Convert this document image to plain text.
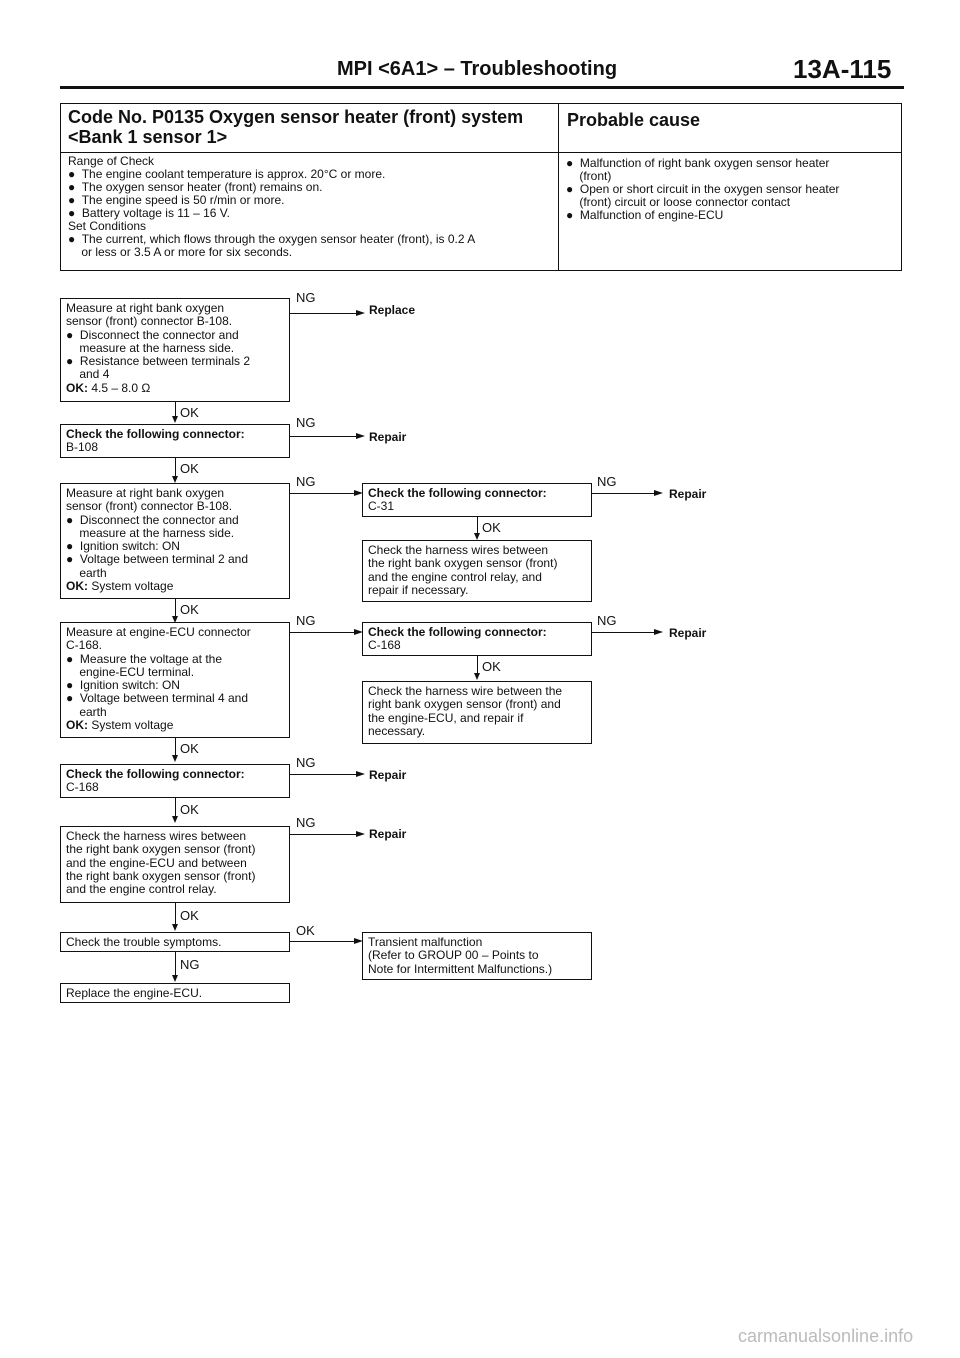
MPI <6A1> – Troubleshooting	13A-115
Code No. P0135 Oxygen sensor heater (front) system
<Bank 1 sensor 1>
Probable cause
Range of Check
●  The engine coolant temperature is approx. 20°C or more.
●  The oxygen sensor heater (front) remains on.
●  The engine speed is 50 r/min or more.
●  Battery voltage is 11 – 16 V.
Set Conditions
●  The current, which flows through the oxygen sensor heater (front), is 0.2 A
or less or 3.5 A or more for six seconds.
●  Malfunction of right bank oxygen sensor heater
(front)
●  Open or short circuit in the oxygen sensor heater
(front) circuit or loose connector contact
●  Malfunction of engine-ECU
Measure at right bank oxygen
sensor (front) connector B-108.
●  Disconnect the connector and
measure at the harness side.
●  Resistance between terminals 2
and 4
OK: 4.5 – 8.0 Ω
NG
Replace
OK
Check the following connector:
B-108
NG
Repair
OK
Measure at right bank oxygen
sensor (front) connector B-108.
●  Disconnect the connector and
measure at the harness side.
●  Ignition switch: ON
●  Voltage between terminal 2 and
earth
OK: System voltage
NG
Check the following connector:
C-31
NG
Repair
OK
Check the harness wires between
the right bank oxygen sensor (front)
and the engine control relay, and
repair if necessary.
OK
Measure at engine-ECU connector
C-168.
●  Measure the voltage at the
engine-ECU terminal.
●  Ignition switch: ON
●  Voltage between terminal 4 and
earth
OK: System voltage
NG
Check the following connector:
C-168
NG
Repair
OK
Check the harness wire between the
right bank oxygen sensor (front) and
the engine-ECU, and repair if
necessary.
OK
Check the following connector:
C-168
NG
Repair
OK
Check the harness wires between
the right bank oxygen sensor (front)
and the engine-ECU and between
the right bank oxygen sensor (front)
and the engine control relay.
NG
Repair
OK
Check the trouble symptoms.
OK
Transient malfunction
(Refer to GROUP 00 – Points to
Note for Intermittent Malfunctions.)
NG
Replace the engine-ECU.
carmanualsonline.info
